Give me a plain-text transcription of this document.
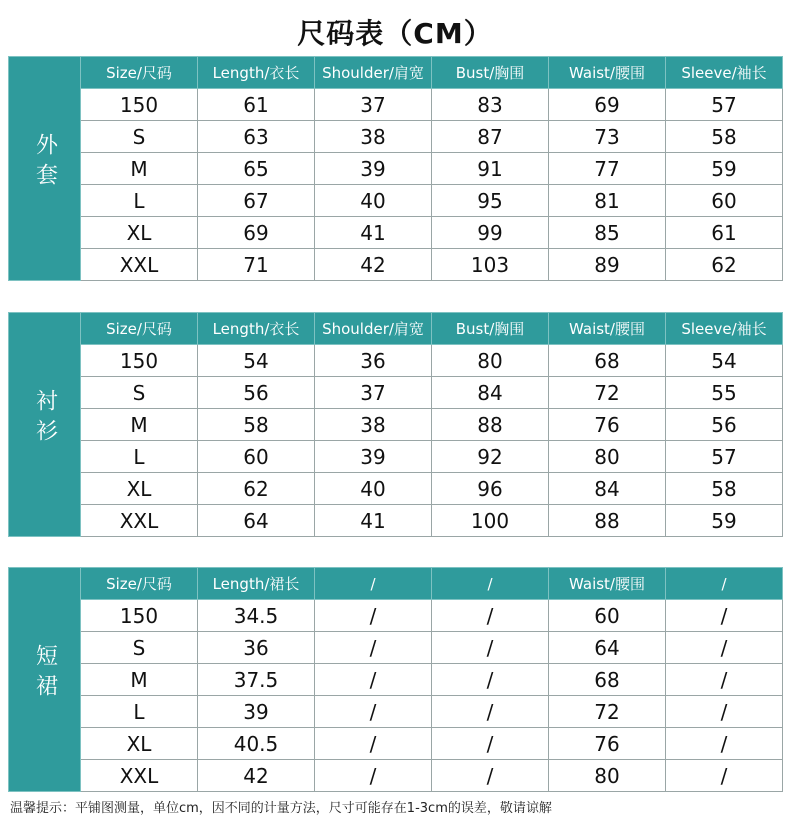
尺码表（CM）
外套	Size/尺码	Length/衣长	Shoulder/肩宽	Bust/胸围	Waist/腰围	Sleeve/袖长
	150	61	37	83	69	57
	S	63	38	87	73	58
	M	65	39	91	77	59
	L	67	40	95	81	60
	XL	69	41	99	85	61
	XXL	71	42	103	89	62
衬衫	Size/尺码	Length/衣长	Shoulder/肩宽	Bust/胸围	Waist/腰围	Sleeve/袖长
	150	54	36	80	68	54
	S	56	37	84	72	55
	M	58	38	88	76	56
	L	60	39	92	80	57
	XL	62	40	96	84	58
	XXL	64	41	100	88	59
短裙	Size/尺码	Length/裙长	/	/	Waist/腰围	/
	150	34.5	/	/	60	/
	S	36	/	/	64	/
	M	37.5	/	/	68	/
	L	39	/	/	72	/
	XL	40.5	/	/	76	/
	XXL	42	/	/	80	/
温馨提示：平铺图测量，单位cm，因不同的计量方法，尺寸可能存在1-3cm的误差，敬请谅解
